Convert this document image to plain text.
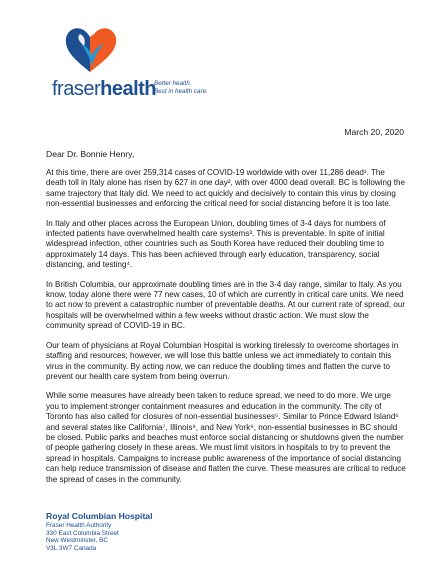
fraserhealth
Better health.
Best in health care.
March 20, 2020
Dear Dr. Bonnie Henry,

At this time, there are over 259,314 cases of COVID-19 worldwide with over 11,286 dead¹. The death toll in Italy alone has risen by 627 in one day², with over 4000 dead overall. BC is following the same trajectory that Italy did. We need to act quickly and decisively to contain this virus by closing non-essential businesses and enforcing the critical need for social distancing before it is too late.

In Italy and other places across the European Union, doubling times of 3-4 days for numbers of infected patients have overwhelmed health care systems³. This is preventable. In spite of initial widespread infection, other countries such as South Korea have reduced their doubling time to approximately 14 days. This has been achieved through early education, transparency, social distancing, and testing⁴.

In British Columbia, our approximate doubling times are in the 3-4 day range, similar to Italy. As you know, today alone there were 77 new cases, 10 of which are currently in critical care units. We need to act now to prevent a catastrophic number of preventable deaths. At our current rate of spread, our hospitals will be overwhelmed within a few weeks without drastic action. We must slow the community spread of COVID-19 in BC.

Our team of physicians at Royal Columbian Hospital is working tirelessly to overcome shortages in staffing and resources; however, we will lose this battle unless we act immediately to contain this virus in the community. By acting now, we can reduce the doubling times and flatten the curve to prevent our health care system from being overrun.

While some measures have already been taken to reduce spread, we need to do more. We urge you to implement stronger containment measures and education in the community. The city of Toronto has also called for closures of non-essential businesses⁵. Similar to Prince Edward Island⁶ and several states like California⁷, Illinois⁸, and New York⁹, non-essential businesses in BC should be closed. Public parks and beaches must enforce social distancing or shutdowns given the number of people gathering closely in these areas. We must limit visitors in hospitals to try to prevent the spread in hospitals. Campaigns to increase public awareness of the importance of social distancing can help reduce transmission of disease and flatten the curve. These measures are critical to reduce the spread of cases in the community.

Royal Columbian Hospital
Fraser Health Authority
330 East Columbia Street
New Westminster, BC
V3L 3W7 Canada
